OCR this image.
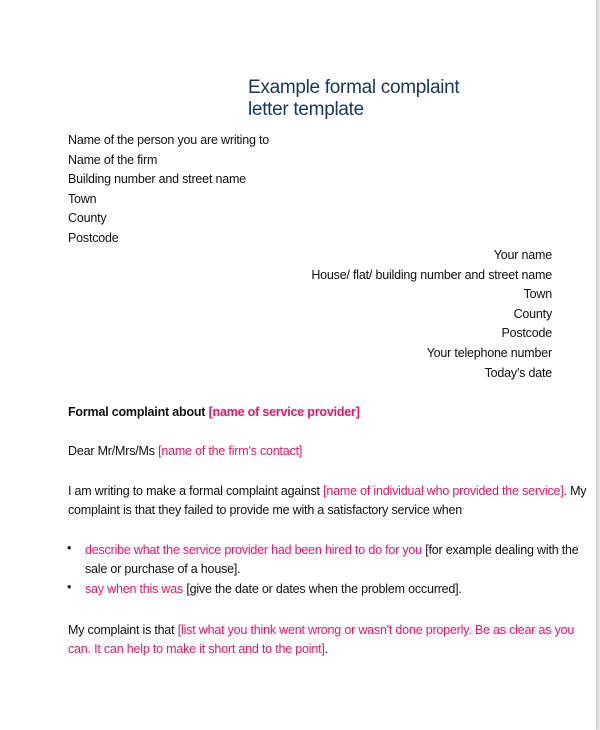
Example formal complaint
letter template
Name of the person you are writing to
Name of the firm
Building number and street name
Town
County
Postcode
Your name
House/ flat/ building number and street name
Town
County
Postcode
Your telephone number
Today's date
Formal complaint about [name of service provider]
Dear Mr/Mrs/Ms [name of the firm's contact]
I am writing to make a formal complaint against [name of individual who provided the service]. My
complaint is that they failed to provide me with a satisfactory service when
• describe what the service provider had been hired to do for you [for example dealing with the
sale or purchase of a house].
• say when this was [give the date or dates when the problem occurred].
My complaint is that [list what you think went wrong or wasn't done properly. Be as clear as you
can. It can help to make it short and to the point].
